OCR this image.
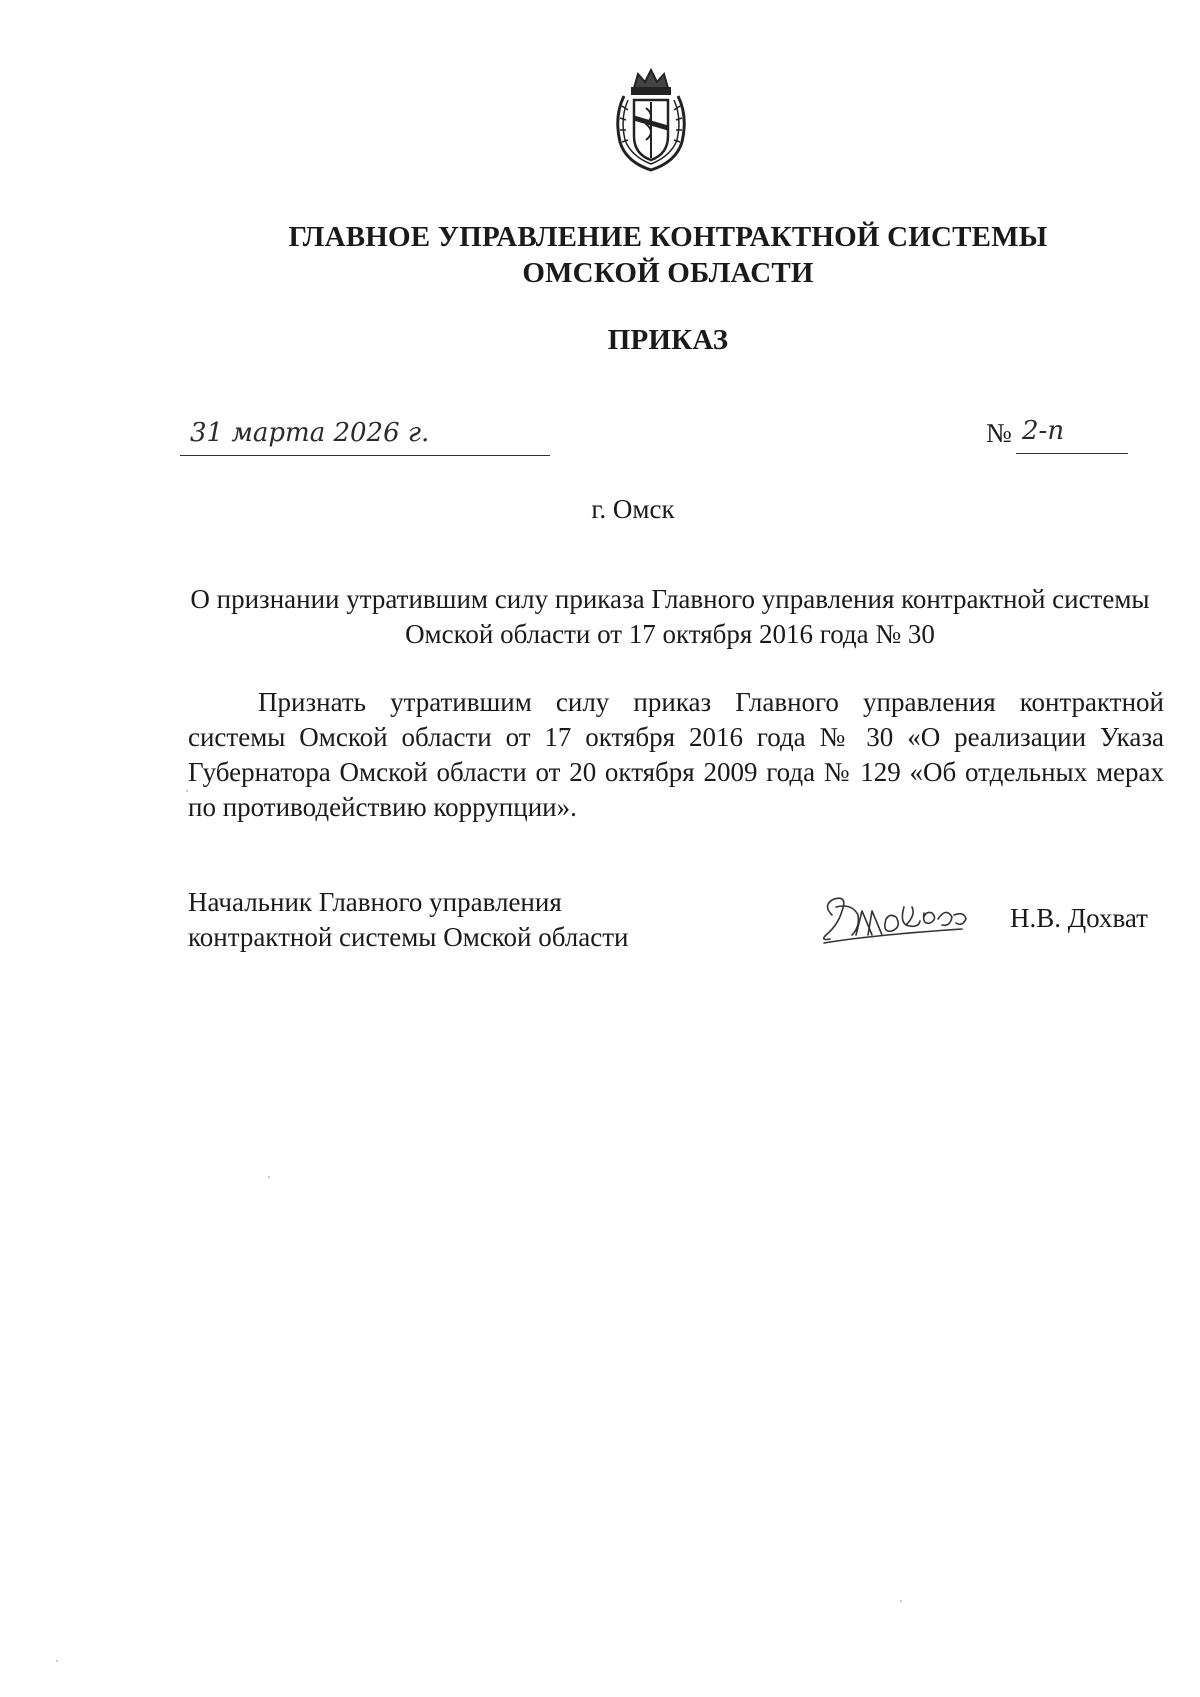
ГЛАВНОЕ УПРАВЛЕНИЕ КОНТРАКТНОЙ СИСТЕМЫ
ОМСКОЙ ОБЛАСТИ
ПРИКАЗ
31 марта 2026 г.	№ 2-п
г. Омск
О признании утратившим силу приказа Главного управления контрактной системы Омской области от 17 октября 2016 года № 30
Признать утратившим силу приказ Главного управления контрактной системы Омской области от 17 октября 2016 года № 30 «О реализации Указа Губернатора Омской области от 20 октября 2009 года № 129 «Об отдельных мерах по противодействию коррупции».
Начальник Главного управления
контрактной системы Омской области
Н.В. Дохват
